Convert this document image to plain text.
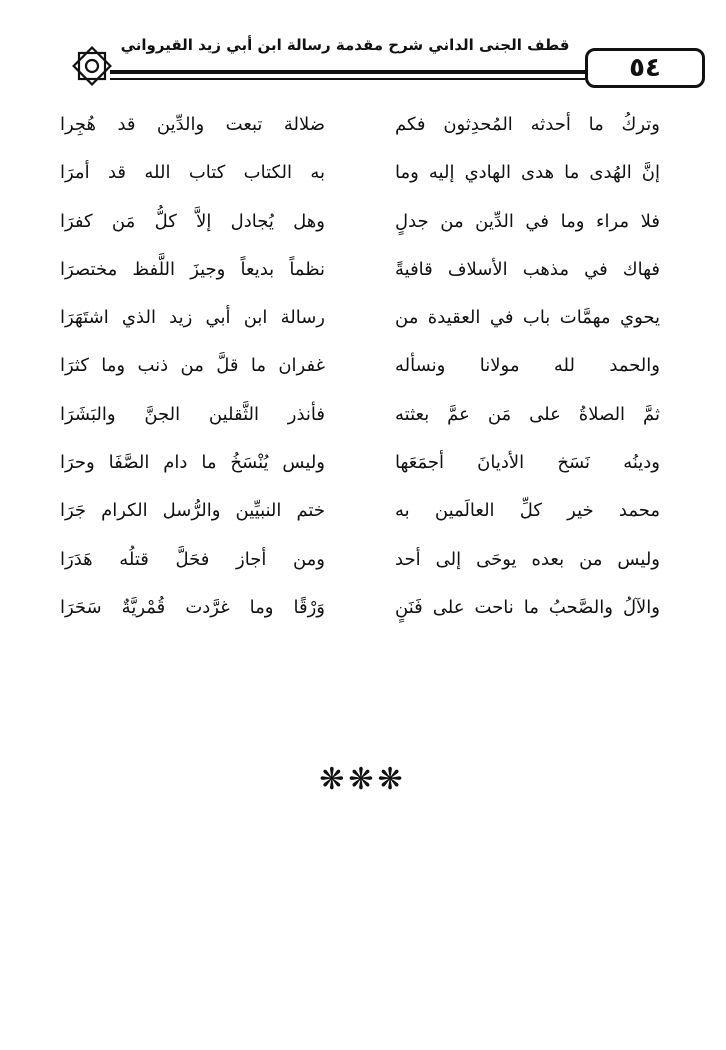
قطف الجنى الداني شرح مقدمة رسالة ابن أبي زيد القيرواني
٥٤
وتركُ ما أحدثه المُحدِثون فكم
ضلالة تبعت والدِّين قد هُجِرا
إنَّ الهُدى ما هدى الهادي إليه وما
به الكتاب كتاب الله قد أمرَا
فلا مراء وما في الدِّين من جدلٍ
وهل يُجادل إلاَّ كلُّ مَن كفرَا
فهاك في مذهب الأسلاف قافيةً
نظماً بديعاً وجيزَ اللَّفظ مختصرَا
يحوي مهمَّات باب في العقيدة من
رسالة ابن أبي زيد الذي اشتَهَرَا
والحمد لله مولانا ونسأله
غفران ما قلَّ من ذنب وما كثرَا
ثمَّ الصلاةُ على مَن عمَّ بعثته
فأنذر الثَّقلين الجنَّ والبَشَرَا
ودينُه نَسَخ الأديانَ أجمَعَها
وليس يُنْسَخُ ما دام الصَّفَا وحرَا
محمد خير كلِّ العالَمين به
ختم النبيِّين والرُّسل الكرام جَرَا
وليس من بعده يوحَى إلى أحد
ومن أجاز فحَلَّ قتلُه هَدَرَا
والآلُ والصَّحبُ ما ناحت على فَنَنٍ
وَرْقًا وما غرَّدت قُمْريَّةٌ سَحَرَا
❋❋❋
